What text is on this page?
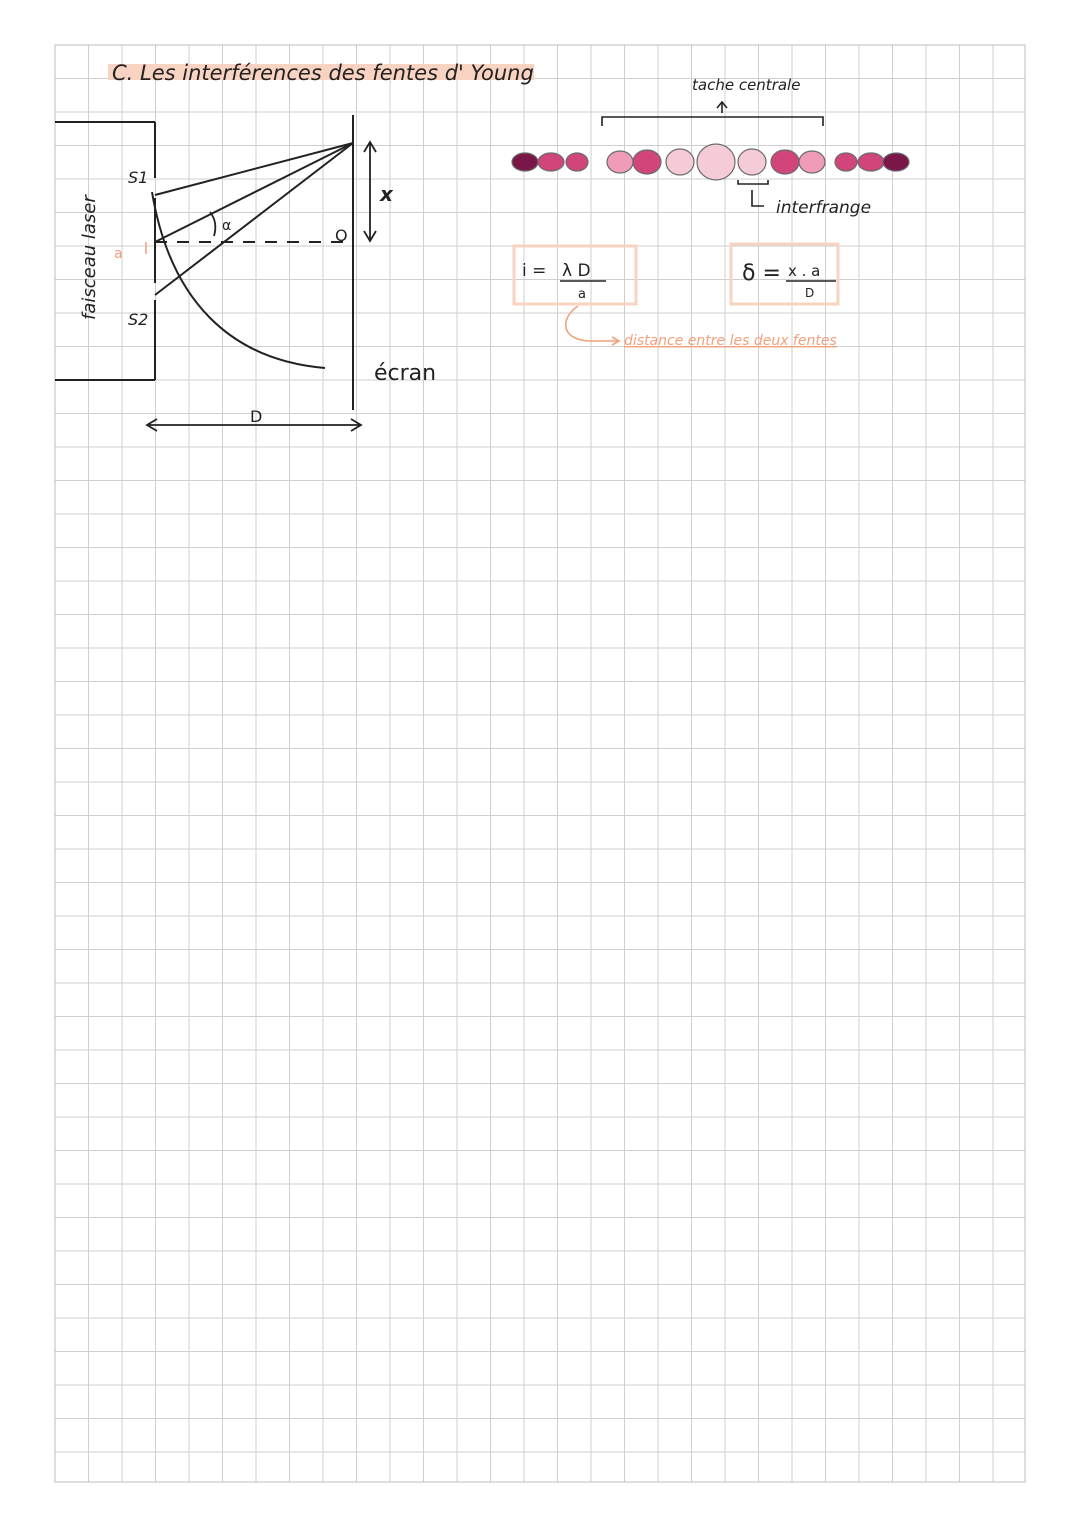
C. Les interférences des fentes d' Young
faisceau laser
S1
S2
a
α
x
O
D
écran
tache centrale
interfrange
i = λ D
a
δ = x . a
D
distance entre les deux fentes
